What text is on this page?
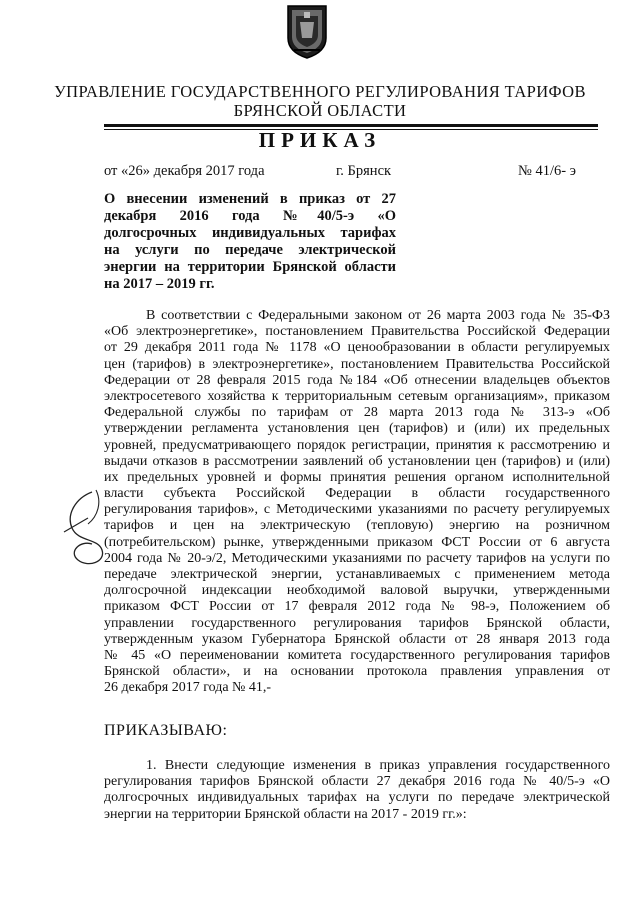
УПРАВЛЕНИЕ ГОСУДАРСТВЕННОГО РЕГУЛИРОВАНИЯ ТАРИФОВ
БРЯНСКОЙ ОБЛАСТИ
ПРИКАЗ
от «26» декабря 2017 года	г. Брянск	№ 41/6- э
О внесении изменений в приказ от 27
декабря 2016 года №40/5-э «О
долгосрочных индивидуальных тарифах
на услуги по передаче электрической
энергии на территории Брянской области
на 2017 – 2019 гг.
В соответствии с Федеральными законом от 26 марта 2003 года № 35-ФЗ
«Об электроэнергетике», постановлением Правительства Российской Федерации
от 29 декабря 2011 года № 1178 «О ценообразовании в области регулируемых
цен (тарифов) в электроэнергетике», постановлением Правительства Российской
Федерации от 28 февраля 2015 года №184 «Об отнесении владельцев объектов
электросетевого хозяйства к территориальным сетевым организациям», приказом
Федеральной службы по тарифам от 28 марта 2013 года № 313-э «Об
утверждении регламента установления цен (тарифов) и (или) их предельных
уровней, предусматривающего порядок регистрации, принятия к рассмотрению и
выдачи отказов в рассмотрении заявлений об установлении цен (тарифов) и (или)
их предельных уровней и формы принятия решения органом исполнительной
власти субъекта Российской Федерации в области государственного
регулирования тарифов», с Методическими указаниями по расчету регулируемых
тарифов и цен на электрическую (тепловую) энергию на розничном
(потребительском) рынке, утвержденными приказом ФСТ России от 6 августа
2004 года № 20-э/2, Методическими указаниями по расчету тарифов на услуги по
передаче электрической энергии, устанавливаемых с применением метода
долгосрочной индексации необходимой валовой выручки, утвержденными
приказом ФСТ России от 17 февраля 2012 года № 98-э, Положением об
управлении государственного регулирования тарифов Брянской области,
утвержденным указом Губернатора Брянской области от 28 января 2013 года
№ 45 «О переименовании комитета государственного регулирования тарифов
Брянской области», и на основании протокола правления управления от
26 декабря 2017 года № 41,-
ПРИКАЗЫВАЮ:
1. Внести следующие изменения в приказ управления государственного
регулирования тарифов Брянской области 27 декабря 2016 года № 40/5-э «О
долгосрочных индивидуальных тарифах на услуги по передаче электрической
энергии на территории Брянской области на 2017 - 2019 гг.»:
